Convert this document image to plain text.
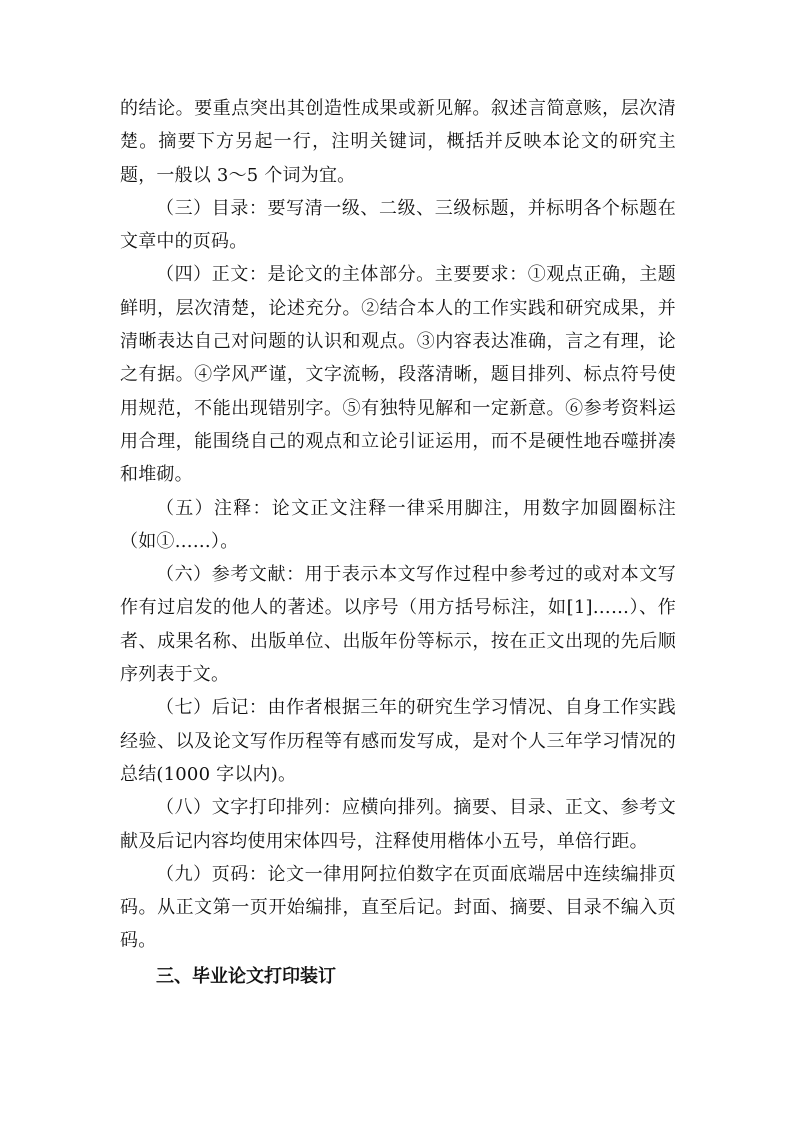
的结论。要重点突出其创造性成果或新见解。叙述言简意赅，层次清楚。摘要下方另起一行，注明关键词，概括并反映本论文的研究主题，一般以 3～5 个词为宜。

（三）目录：要写清一级、二级、三级标题，并标明各个标题在文章中的页码。

（四）正文：是论文的主体部分。主要要求：①观点正确，主题鲜明，层次清楚，论述充分。②结合本人的工作实践和研究成果，并清晰表达自己对问题的认识和观点。③内容表达准确，言之有理，论之有据。④学风严谨，文字流畅，段落清晰，题目排列、标点符号使用规范，不能出现错别字。⑤有独特见解和一定新意。⑥参考资料运用合理，能围绕自己的观点和立论引证运用，而不是硬性地吞噬拼凑和堆砌。

（五）注释：论文正文注释一律采用脚注，用数字加圆圈标注（如①……）。

（六）参考文献：用于表示本文写作过程中参考过的或对本文写作有过启发的他人的著述。以序号（用方括号标注，如[1]……）、作者、成果名称、出版单位、出版年份等标示，按在正文出现的先后顺序列表于文。

（七）后记：由作者根据三年的研究生学习情况、自身工作实践经验、以及论文写作历程等有感而发写成，是对个人三年学习情况的总结(1000 字以内)。

（八）文字打印排列：应横向排列。摘要、目录、正文、参考文献及后记内容均使用宋体四号，注释使用楷体小五号，单倍行距。

（九）页码：论文一律用阿拉伯数字在页面底端居中连续编排页码。从正文第一页开始编排，直至后记。封面、摘要、目录不编入页码。

三、毕业论文打印装订
